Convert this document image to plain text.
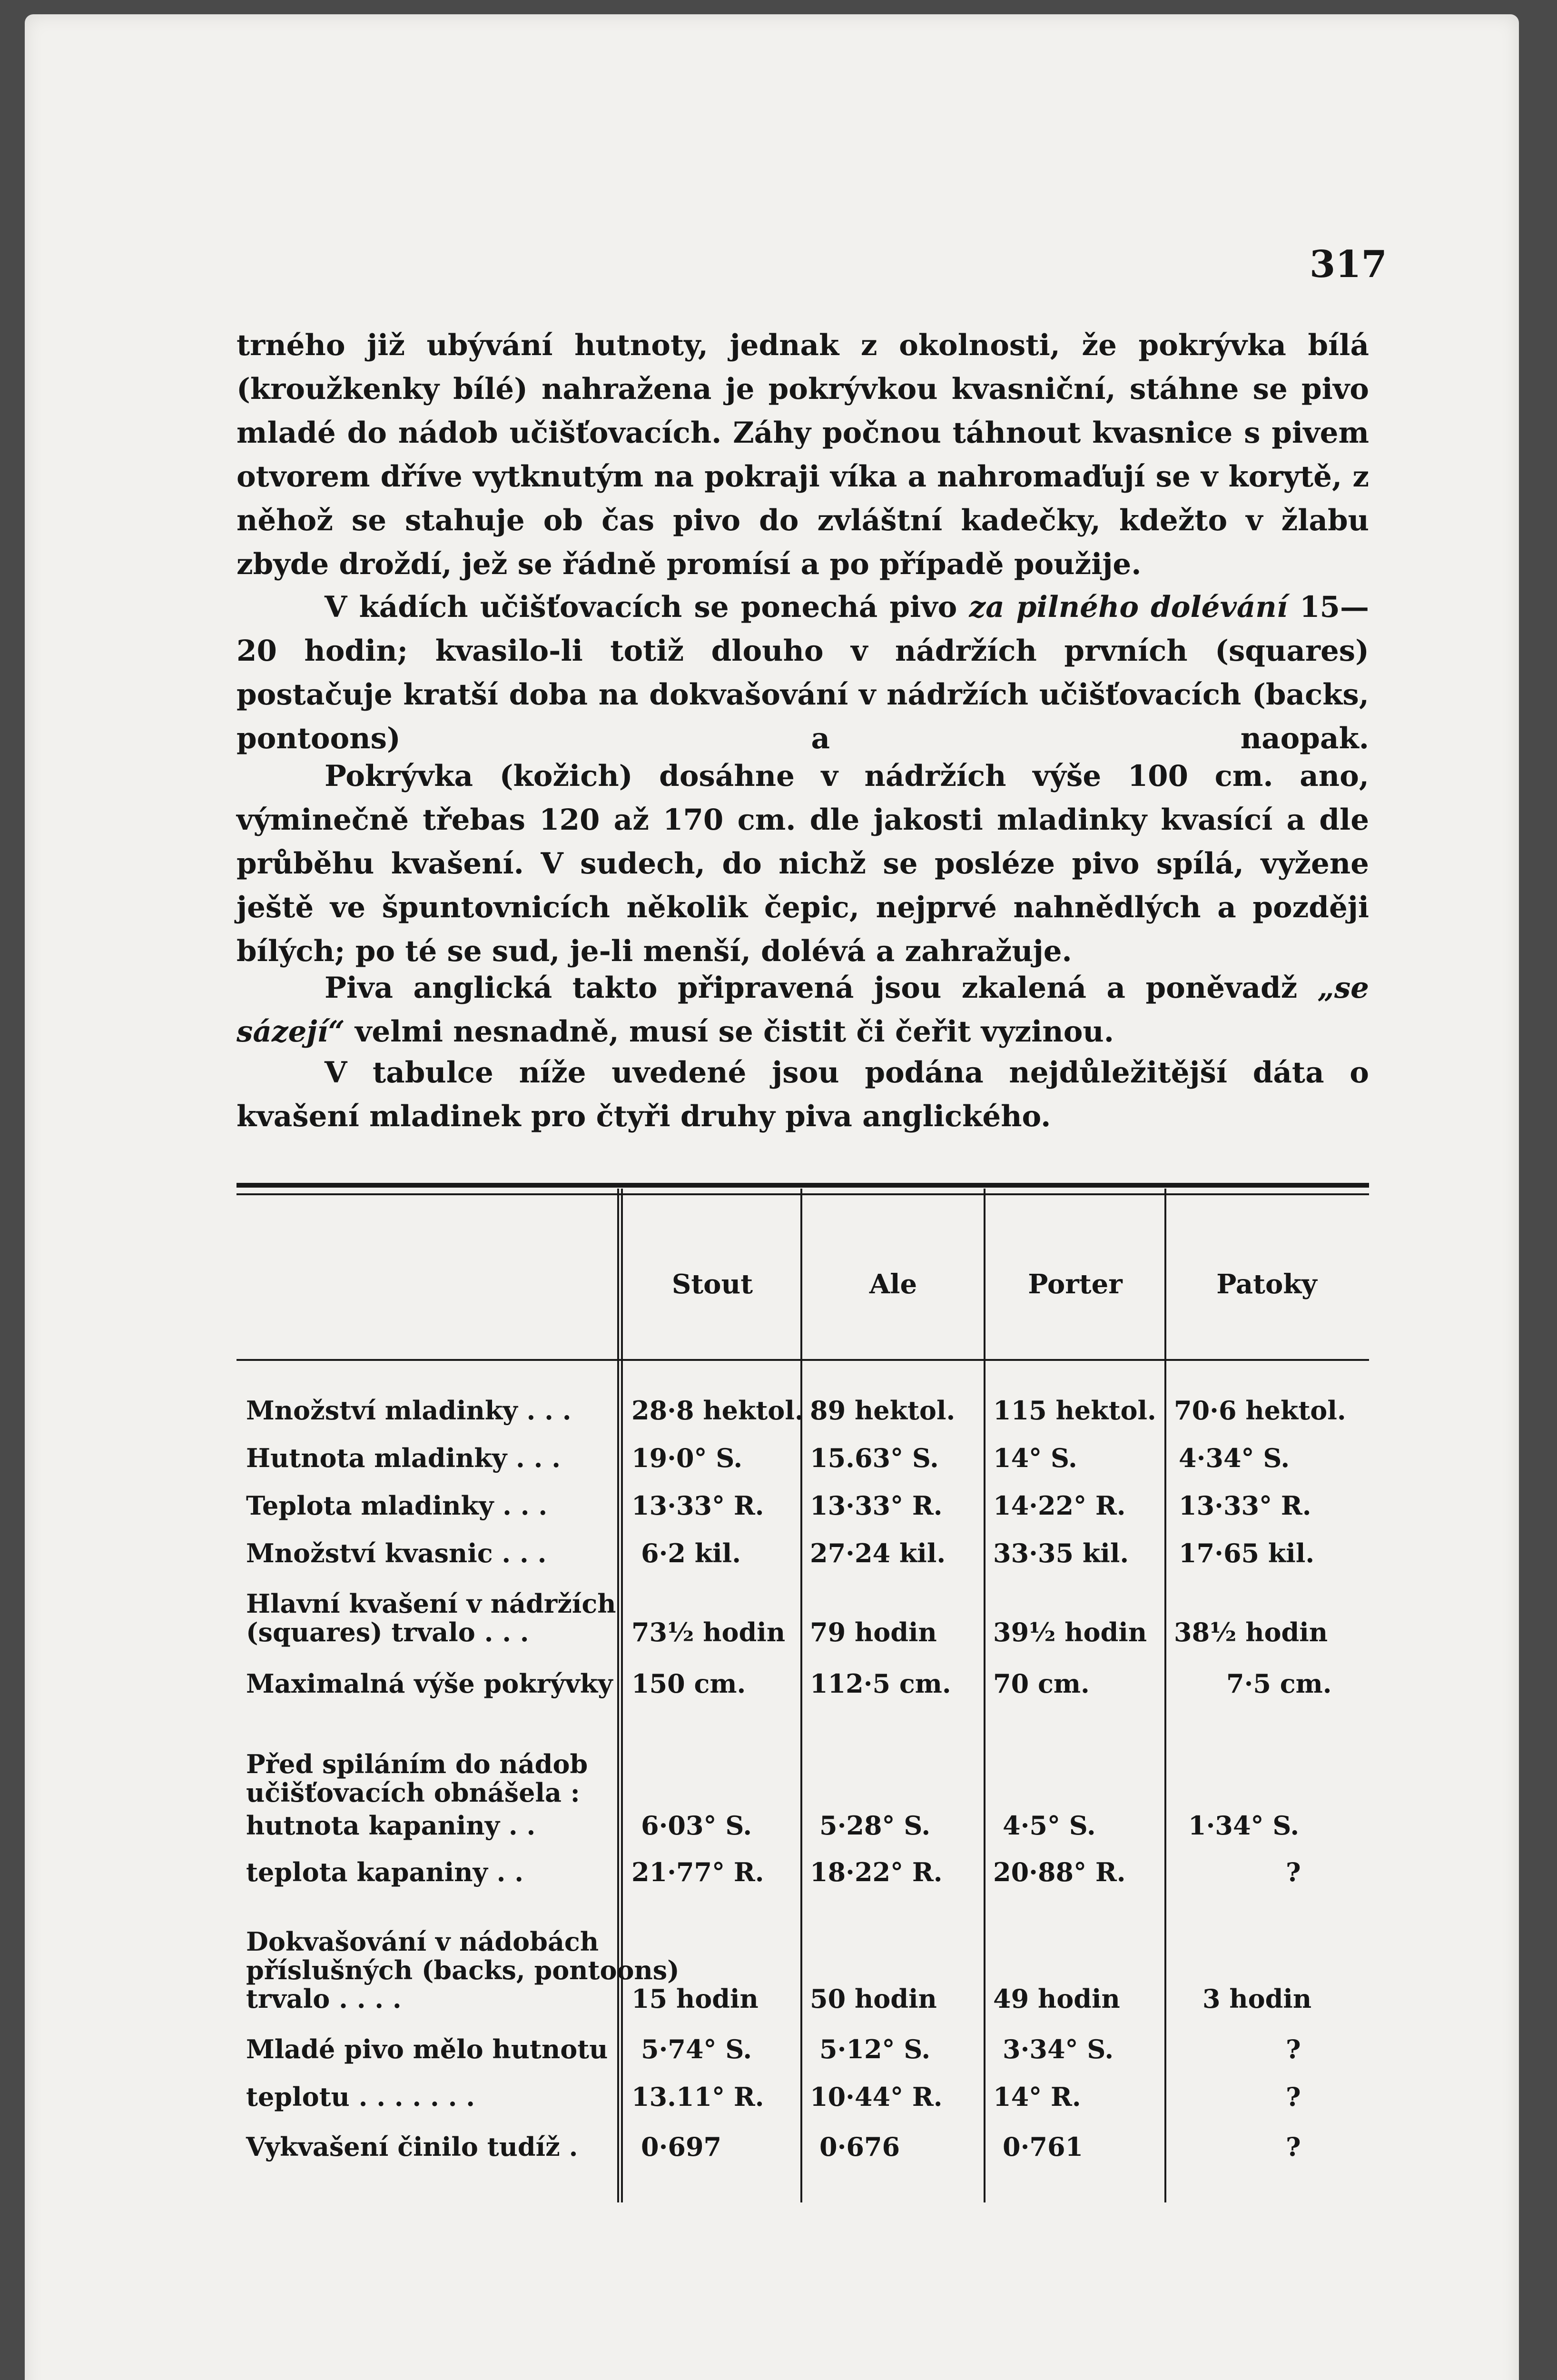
317

trného již ubývání hutnoty, jednak z okolnosti, že pokrývka bílá (kroužkenky bílé) nahražena je pokrývkou kvasniční, stáhne se pivo mladé do nádob učišťovacích. Záhy počnou táhnout kvasnice s pivem otvorem dříve vytknutým na pokraji víka a nahromaďují se v korytě, z něhož se stahuje ob čas pivo do zvláštní kadečky, kdežto v žlabu zbyde droždí, jež se řádně promísí a po případě použije.

V kádích učišťovacích se ponechá pivo za pilného dolévání 15—20 hodin; kvasilo-li totiž dlouho v nádržích prvních (squares) postačuje kratší doba na dokvašování v nádržích učišťovacích (backs, pontoons) a naopak.

Pokrývka (kožich) dosáhne v nádržích výše 100 cm. ano, výminečně třebas 120 až 170 cm. dle jakosti mladinky kvasící a dle průběhu kvašení. V sudech, do nichž se posléze pivo spílá, vyžene ještě ve špuntovnicích několik čepic, nejprvé nahnědlých a později bílých; po té se sud, je-li menší, dolévá a zahražuje.

Piva anglická takto připravená jsou zkalená a poněvadž „se sázejí“ velmi nesnadně, musí se čistit či čeřit vyzinou.

V tabulce níže uvedené jsou podána nejdůležitější dáta o kvašení mladinek pro čtyři druhy piva anglického.

Stout	Ale	Porter	Patoky
Množství mladinky . . .	28·8 hektol. 89 hektol. 115 hektol. 70·6 hektol.
Hutnota mladinky . . .	19·0° S.	15.63° S. 14° S.	4·34° S.
Teplota mladinky . . .	13·33° R. 13·33° R. 14·22° R. 13·33° R.
Množství kvasnic . . .	6·2 kil.	27·24 kil. 33·35 kil. 17·65 kil.
Hlavní kvašení v nádržích (squares) trvalo . . .	73½ hodin 79 hodin 39½ hodin 38½ hodin
Maximalná výše pokrývky 150 cm. 112·5 cm. 70 cm.	7·5 cm.
Před spiláním do nádob učišťovacích obnášela :
hutnota kapaniny . .	6·03° S.	5·28° S.	4·5° S.	1·34° S.
teplota kapaniny . .	21·77° R. 18·22° R. 20·88° R.	?
Dokvašování v nádobách příslušných (backs, pontoons) trvalo . . . .	15 hodin 50 hodin 49 hodin	3 hodin
Mladé pivo mělo hutnotu	5·74° S.	5·12° S.	3·34° S.	?
teplotu . . . . . . .	13.11° R. 10·44° R. 14° R.	?
Vykvašení činilo tudíž .	0·697	0·676	0·761	?
